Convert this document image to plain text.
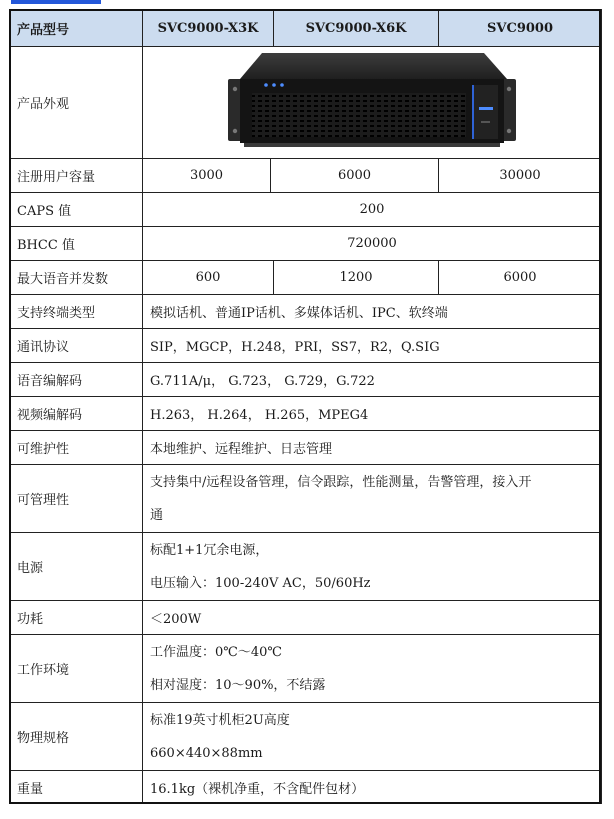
产品型号	SVC9000-X3K		SVC9000-X6K	SVC9000
产品外观	

注册用户容量	3000	6000		30000
CAPS 值	200			
BHCC 值	720000			
最大语音并发数	600		1200	6000
支持终端类型	模拟话机、普通IP话机、多媒体话机、IPC、软终端			
通讯协议	SIP，MGCP，H.248，PRI，SS7，R2，Q.SIG			
语音编解码	G.711A/μ， G.723， G.729，G.722			
视频编解码	H.263， H.264， H.265，MPEG4			
可维护性	本地维护、远程维护、日志管理			
可管理性	支持集中/远程设备管理，信令跟踪，性能测量，告警管理，接入开
通			

电源	标配1+1冗余电源，
电压输入：100-240V AC，50/60Hz			

功耗	＜200W			
工作环境	工作温度：0℃～40℃
相对湿度：10～90%，不结露			

物理规格	标准19英寸机柜2U高度
660×440×88mm			

重量	16.1kg（裸机净重，不含配件包材）			
